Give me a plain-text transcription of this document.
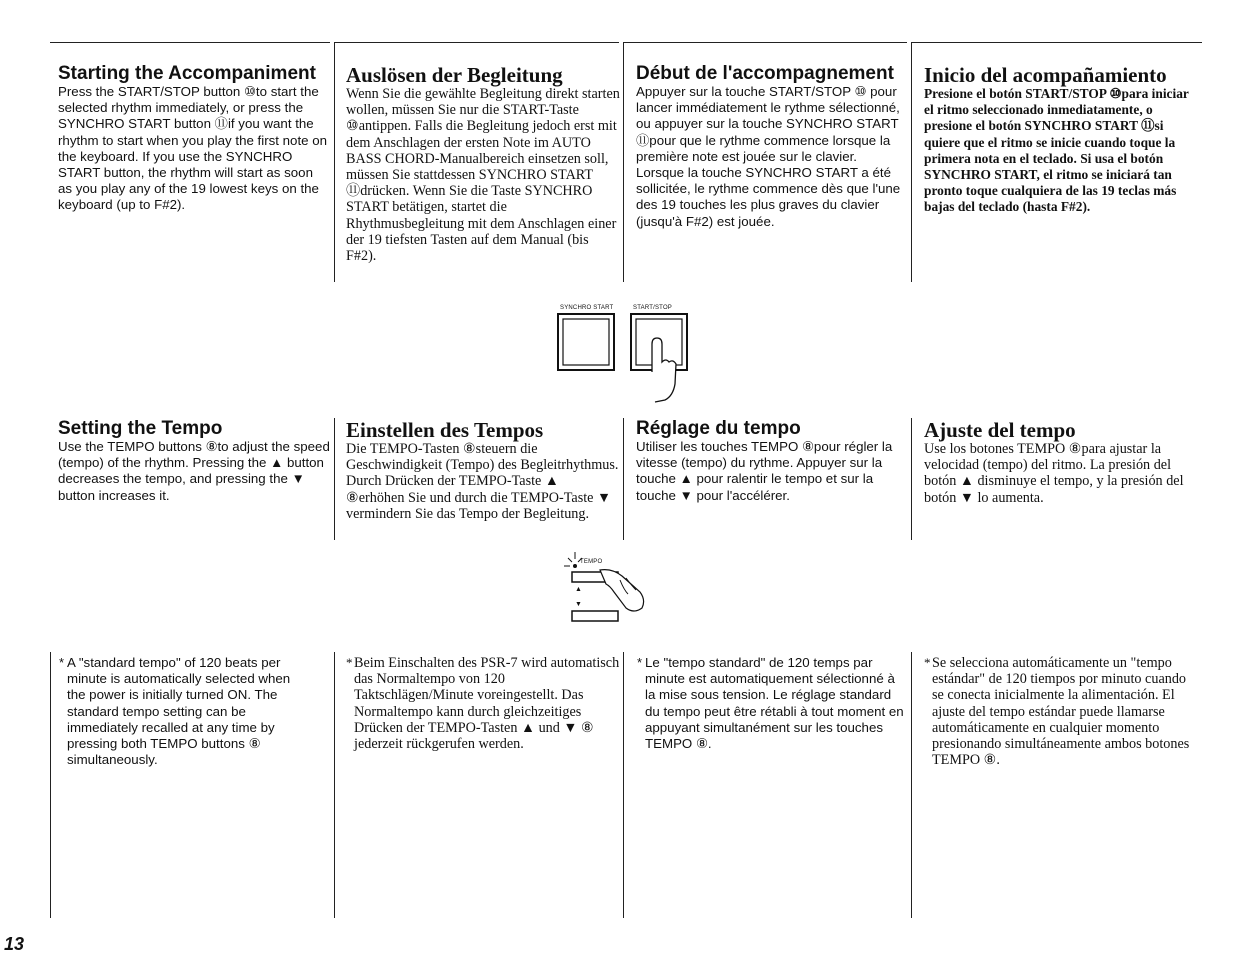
Starting the Accompaniment

Press the START/STOP button ⑩to start the selected rhythm immediately, or press the SYNCHRO START button ⑪if you want the rhythm to start when you play the first note on the keyboard. If you use the SYNCHRO START button, the rhythm will start as soon as you play any of the 19 lowest keys on the keyboard (up to F#2).

Auslösen der Begleitung

Wenn Sie die gewählte Begleitung direkt starten wollen, müssen Sie nur die START-Taste ⑩antippen. Falls die Begleitung jedoch erst mit dem Anschlagen der ersten Note im AUTO BASS CHORD-Manualbereich einsetzen soll, müssen Sie stattdessen SYNCHRO START ⑪drücken. Wenn Sie die Taste SYNCHRO START betätigen, startet die Rhythmusbegleitung mit dem Anschlagen einer der 19 tiefsten Tasten auf dem Manual (bis F#2).

Début de l'accompagnement

Appuyer sur la touche START/STOP ⑩ pour lancer immédiatement le rythme sélectionné, ou appuyer sur la touche SYNCHRO START ⑪pour que le rythme commence lorsque la première note est jouée sur le clavier. Lorsque la touche SYNCHRO START a été sollicitée, le rythme commence dès que l'une des 19 touches les plus graves du clavier (jusqu'à F#2) est jouée.

Inicio del acompañamiento

Presione el botón START/STOP ⑩para iniciar el ritmo seleccionado inmediatamente, o presione el botón SYNCHRO START ⑪si quiere que el ritmo se inicie cuando toque la primera nota en el teclado. Si usa el botón SYNCHRO START, el ritmo se iniciará tan pronto toque cualquiera de las 19 teclas más bajas del teclado (hasta F#2).

SYNCHRO START	START/STOP
Setting the Tempo

Use the TEMPO buttons ⑧to adjust the speed (tempo) of the rhythm. Pressing the ▲ button decreases the tempo, and pressing the ▼ button increases it.

Einstellen des Tempos

Die TEMPO-Tasten ⑧steuern die Geschwindigkeit (Tempo) des Begleitrhythmus. Durch Drücken der TEMPO-Taste ▲ ⑧erhöhen Sie und durch die TEMPO-Taste ▼ vermindern Sie das Tempo der Begleitung.

Réglage du tempo

Utiliser les touches TEMPO ⑧pour régler la vitesse (tempo) du rythme. Appuyer sur la touche ▲ pour ralentir le tempo et sur la touche ▼ pour l'accélérer.

Ajuste del tempo

Use los botones TEMPO ⑧para ajustar la velocidad (tempo) del ritmo. La presión del botón ▲ disminuye el tempo, y la presión del botón ▼ lo aumenta.

TEMPO
▲
▼
* A "standard tempo" of 120 beats per minute is automatically selected when the power is initially turned ON. The standard tempo setting can be immediately recalled at any time by pressing both TEMPO buttons ⑧ simultaneously.

* Beim Einschalten des PSR-7 wird automatisch das Normaltempo von 120 Taktschlägen/Minute voreingestellt. Das Normaltempo kann durch gleichzeitiges Drücken der TEMPO-Tasten ▲ und ▼ ⑧ jederzeit rückgerufen werden.

* Le "tempo standard" de 120 temps par minute est automatiquement sélectionné à la mise sous tension. Le réglage standard du tempo peut être rétabli à tout moment en appuyant simultanément sur les touches TEMPO ⑧.

* Se selecciona automáticamente un "tempo estándar" de 120 tiempos por minuto cuando se conecta inicialmente la alimentación. El ajuste del tempo estándar puede llamarse automáticamente en cualquier momento presionando simultáneamente ambos botones TEMPO ⑧.

13
